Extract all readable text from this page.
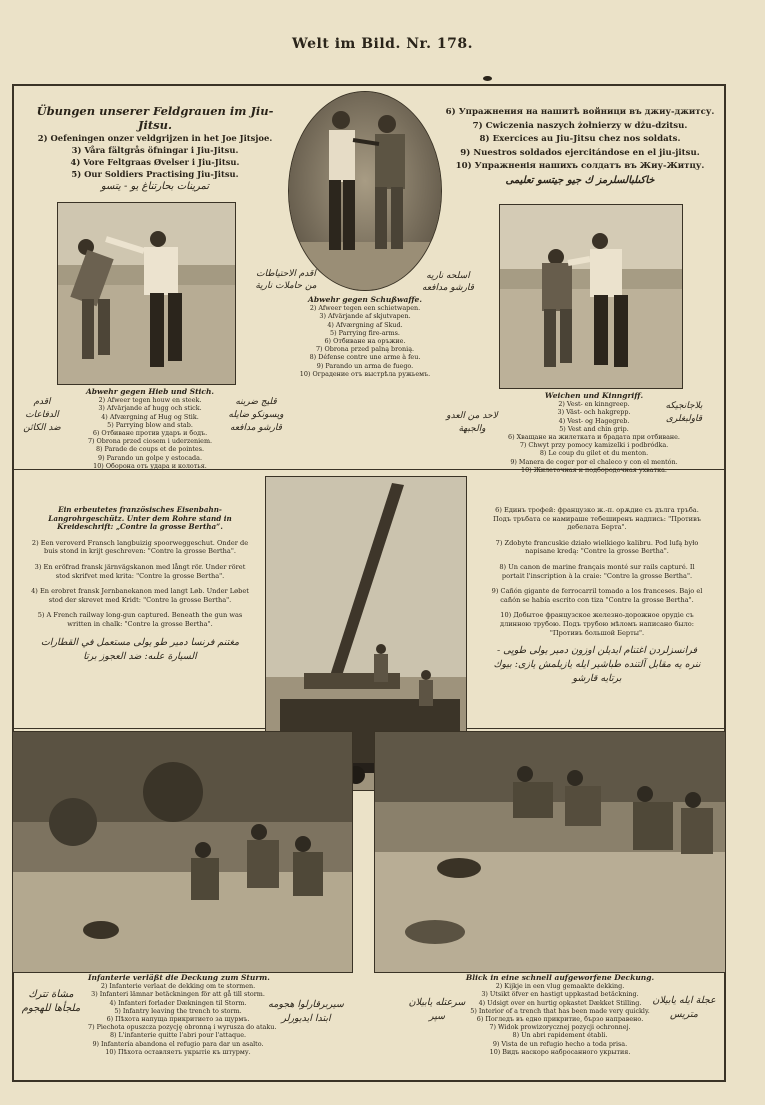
Welt im Bild. Nr. 178.
Übungen unserer Feldgrauen im Jiu-Jitsu.
2) Oefeningen onzer veldgrijzen in het Joe Jitsjoe.
3) Våra fältgrås öfningar i Jiu-Jitsu.
4) Vore Feltgraas Øvelser i Jiu-Jitsu.
5) Our Soldiers Practising Jiu-Jitsu.
تمرينات بحارتناغ يو - يتسو
6) Упражнения на нашитѣ войници въ джиу-джитсу.
7) Cwiczenia naszych żołnierzy w dżu-dzitsu.
8) Exercices au Jiu-Jitsu chez nos soldats.
9) Nuestros soldados ejercitándose en el jiu-jitsu.
10) Упражненія нашихъ солдатъ въ Жиу-Житцу.
خاكىلبالسلرمز ك جيو جيتسو تعليمى
اقدم الاحتياطات من حاملات نارية
اسلحه ناريه قارشو مدافعه
Abwehr gegen Hieb und Stich.
2) Afweer tegen houw en steek.
3) Afvärjande af hugg och stick.
4) Afværgning af Hug og Stik.
5) Parrying blow and stab.
6) Отбиване против ударъ и бодъ.
7) Obrona przed ciosem i uderzeniem.
8) Parade de coups et de pointes.
9) Parando un golpe y estocada.
10) Оборона отъ удара и колотья.
اقدم الدفاعات ضد الكائن
قليج ضربنه ويسونكو ضايله قارشو مدافعه
Abwehr gegen Schußwaffe.
2) Afweer tegen een schietwapen.
3) Afvärjande af skjutvapen.
4) Afværgning af Skud.
5) Parrying fire-arms.
6) Отбиване на оръжие.
7) Obrona przed palną bronią.
8) Défense contre une arme à feu.
9) Parando un arma de fuego.
10) Оградение отъ выстрѣла ружьемъ.
Weichen und Kinngriff.
2) Vest- en kinngreep.
3) Väst- och hakgrepp.
4) Vest- og Hagegreb.
5) Vest and chin grip.
6) Хващане на жилетката и брадата при отбиване.
7) Chwyt przy pomocy kamizelki i podbródka.
8) Le coup du gilet et du menton.
9) Manera de coger por el chaleco y con el mentón.
10) Жилеточная и подбородочная ухватка.
لاحد من العدو والجبهة
بلاجانجيكه قاولبغلرى
Ein erbeutetes französisches Eisenbahn-Langrohrgeschütz. Unter dem Rohre stand in Kreideschrift: „Contre la grosse Bertha“.
2) Een veroverd Fransch langbuizig spoorweggeschut. Onder de buis stond in krijt geschreven: "Contre la grosse Bertha".
3) En eröfrad fransk järnvägskanon med långt rör. Under röret stod skrifvet med krita: "Contre la grosse Bertha".
4) En erobret fransk Jernbanekanon med langt Løb. Under Løbet stod der skrevet med Kridt: "Contre la grosse Bertha".
5) A French railway long-gun captured. Beneath the gun was written in chalk: "Contre la grosse Bertha".
مغتنم فرنسا دمير طو يولى مستعمل في القطارات السيارة علىه: ضد العجوز برتا
6) Единъ трофей: французко ж.-п. орѫдие съ дълга тръба. Подъ тръбата се намираше тебеширенъ надпись: "Противъ дебелата Берта".
7) Zdobyte francuskie działo wielkiego kalibru. Pod lufą było napisane kredą: "Contre la grosse Bertha".
8) Un canon de marine français monté sur rails capturé. Il portait l'inscription à la craie: "Contre la grosse Bertha".
9) Cañón gigante de ferrocarril tomado a los franceses. Bajo el cañón se había escrito con tiza "Contre la grosse Bertha".
10) Добытое французское железно-дорожное орудіе съ длинною трубою. Подъ трубою мѣломъ написано было: "Противъ большой Берты".
فرانسزلردن اغتنام ايديلن اوزون دمير يولى طوپى - ننره يه مقابل آلتنده طباشير ايله يازيلمش يازى: بيوك برتايه قارشو
Infanterie verläßt die Deckung zum Sturm.
2) Infanterie verlaat de dekking om te stormen.
3) Infanteri lämnar betäckningen för att gå till storm.
4) Infanteri forlader Dækningen til Storm.
5) Infantry leaving the trench to storm.
6) Пѣхота напуща прикритието за щурмъ.
7) Piechota opuszcza pozycję obronną i wyrusza do ataku.
8) L'infanterie quitte l'abri pour l'attaque.
9) Infantería abandona el refugio para dar un asalto.
10) Пѣхота оставляетъ укрытіе къ штурму.
مشاة تترك ملجأها للهجوم	سيربرقارلوا هجومه ابتدا ايديورلر
Blick in eine schnell aufgeworfene Deckung.
2) Kijkje in een vlug gemaakte dekking.
3) Utsikt öfver en hastigt uppkastad betäckning.
4) Udsigt over en hurtig opkastet Dækket Stilling.
5) Interior of a trench that has been made very quickly.
6) Погледъ въ едно прикритие, бързо направено.
7) Widok prowizorycznej pozycji ochronnej.
8) Un abri rapidement établi.
9) Vista de un refugio hecho a toda prisa.
10) Видъ наскоро набросанного укрытия.
سرعتله يابيلان سپر
عجلة ايله يابيلان متريس
